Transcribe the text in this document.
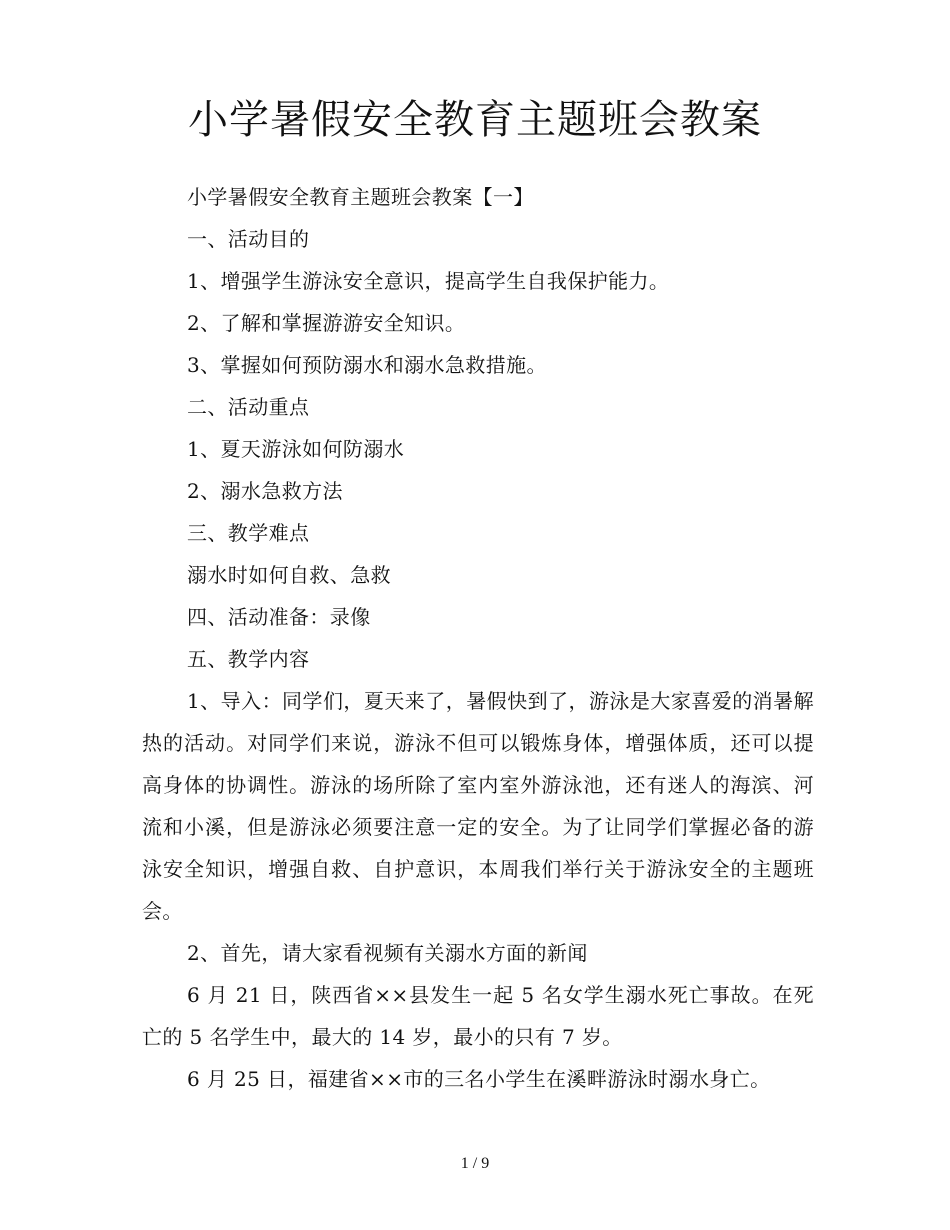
小学暑假安全教育主题班会教案

小学暑假安全教育主题班会教案【一】

一、活动目的

1、增强学生游泳安全意识，提高学生自我保护能力。

2、了解和掌握游游安全知识。

3、掌握如何预防溺水和溺水急救措施。

二、活动重点

1、夏天游泳如何防溺水

2、溺水急救方法

三、教学难点

溺水时如何自救、急救

四、活动准备：录像

五、教学内容

1、导入：同学们，夏天来了，暑假快到了，游泳是大家喜爱的消暑解热的活动。对同学们来说，游泳不但可以锻炼身体，增强体质，还可以提高身体的协调性。游泳的场所除了室内室外游泳池，还有迷人的海滨、河流和小溪，但是游泳必须要注意一定的安全。为了让同学们掌握必备的游泳安全知识，增强自救、自护意识，本周我们举行关于游泳安全的主题班会。

2、首先，请大家看视频有关溺水方面的新闻

6 月 21 日，陕西省××县发生一起 5 名女学生溺水死亡事故。在死亡的 5 名学生中，最大的 14 岁，最小的只有 7 岁。

6 月 25 日，福建省××市的三名小学生在溪畔游泳时溺水身亡。

1 / 9
